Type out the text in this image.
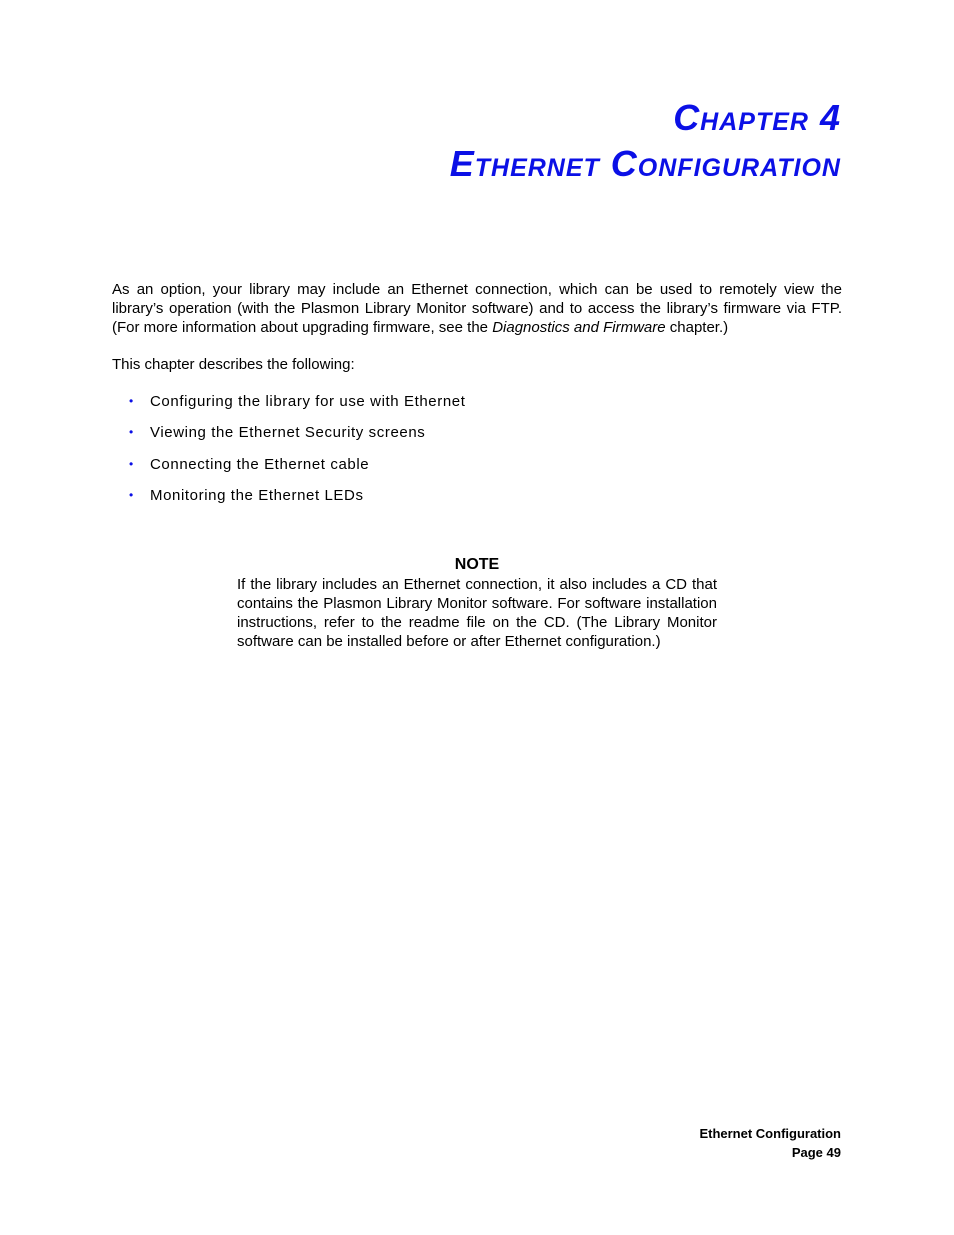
Chapter 4
Ethernet Configuration

As an option, your library may include an Ethernet connection, which can be used to remotely view the library’s operation (with the Plasmon Library Monitor software) and to access the library’s firmware via FTP. (For more information about upgrading firmware, see the Diagnostics and Firmware chapter.)

This chapter describes the following:

• Configuring the library for use with Ethernet
• Viewing the Ethernet Security screens
• Connecting the Ethernet cable
• Monitoring the Ethernet LEDs

NOTE

If the library includes an Ethernet connection, it also includes a CD that contains the Plasmon Library Monitor software. For software installation instructions, refer to the readme file on the CD. (The Library Monitor software can be installed before or after Ethernet configuration.)

Ethernet Configuration
Page 49
